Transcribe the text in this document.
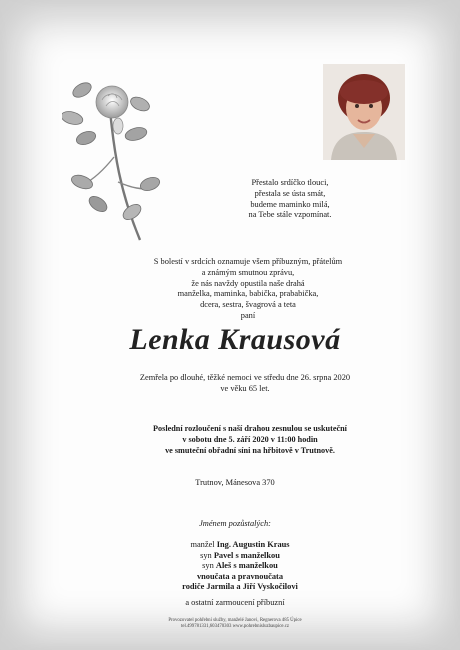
Přestalo srdíčko tlouci,
přestala se ústa smát,
budeme maminko milá,
na Tebe stále vzpomínat.
S bolestí v srdcích oznamuje všem příbuzným, přátelům
a známým smutnou zprávu,
že nás navždy opustila naše drahá
manželka, maminka, babička, prababička,
dcera, sestra, švagrová a teta
paní
Lenka Krausová
Zemřela po dlouhé, těžké nemoci ve středu dne 26. srpna 2020
ve věku 65 let.
Poslední rozloučení s naší drahou zesnulou se uskuteční
v sobotu dne 5. září 2020 v 11:00 hodin
ve smuteční obřadní síni na hřbitově v Trutnově.
Trutnov, Mánesova 370
Jménem pozůstalých:
manžel Ing. Augustin Kraus
syn Pavel s manželkou
syn Aleš s manželkou
vnoučata a pravnoučata
rodiče Jarmila a Jiří Vyskočilovi
a ostatní zarmoucení příbuzní
Provozovatel pohřební služby, manželé Janovi, Regnerova 485 Úpice
tel.499781331,603470303 www.pohrebnisluzbaupice.cz
